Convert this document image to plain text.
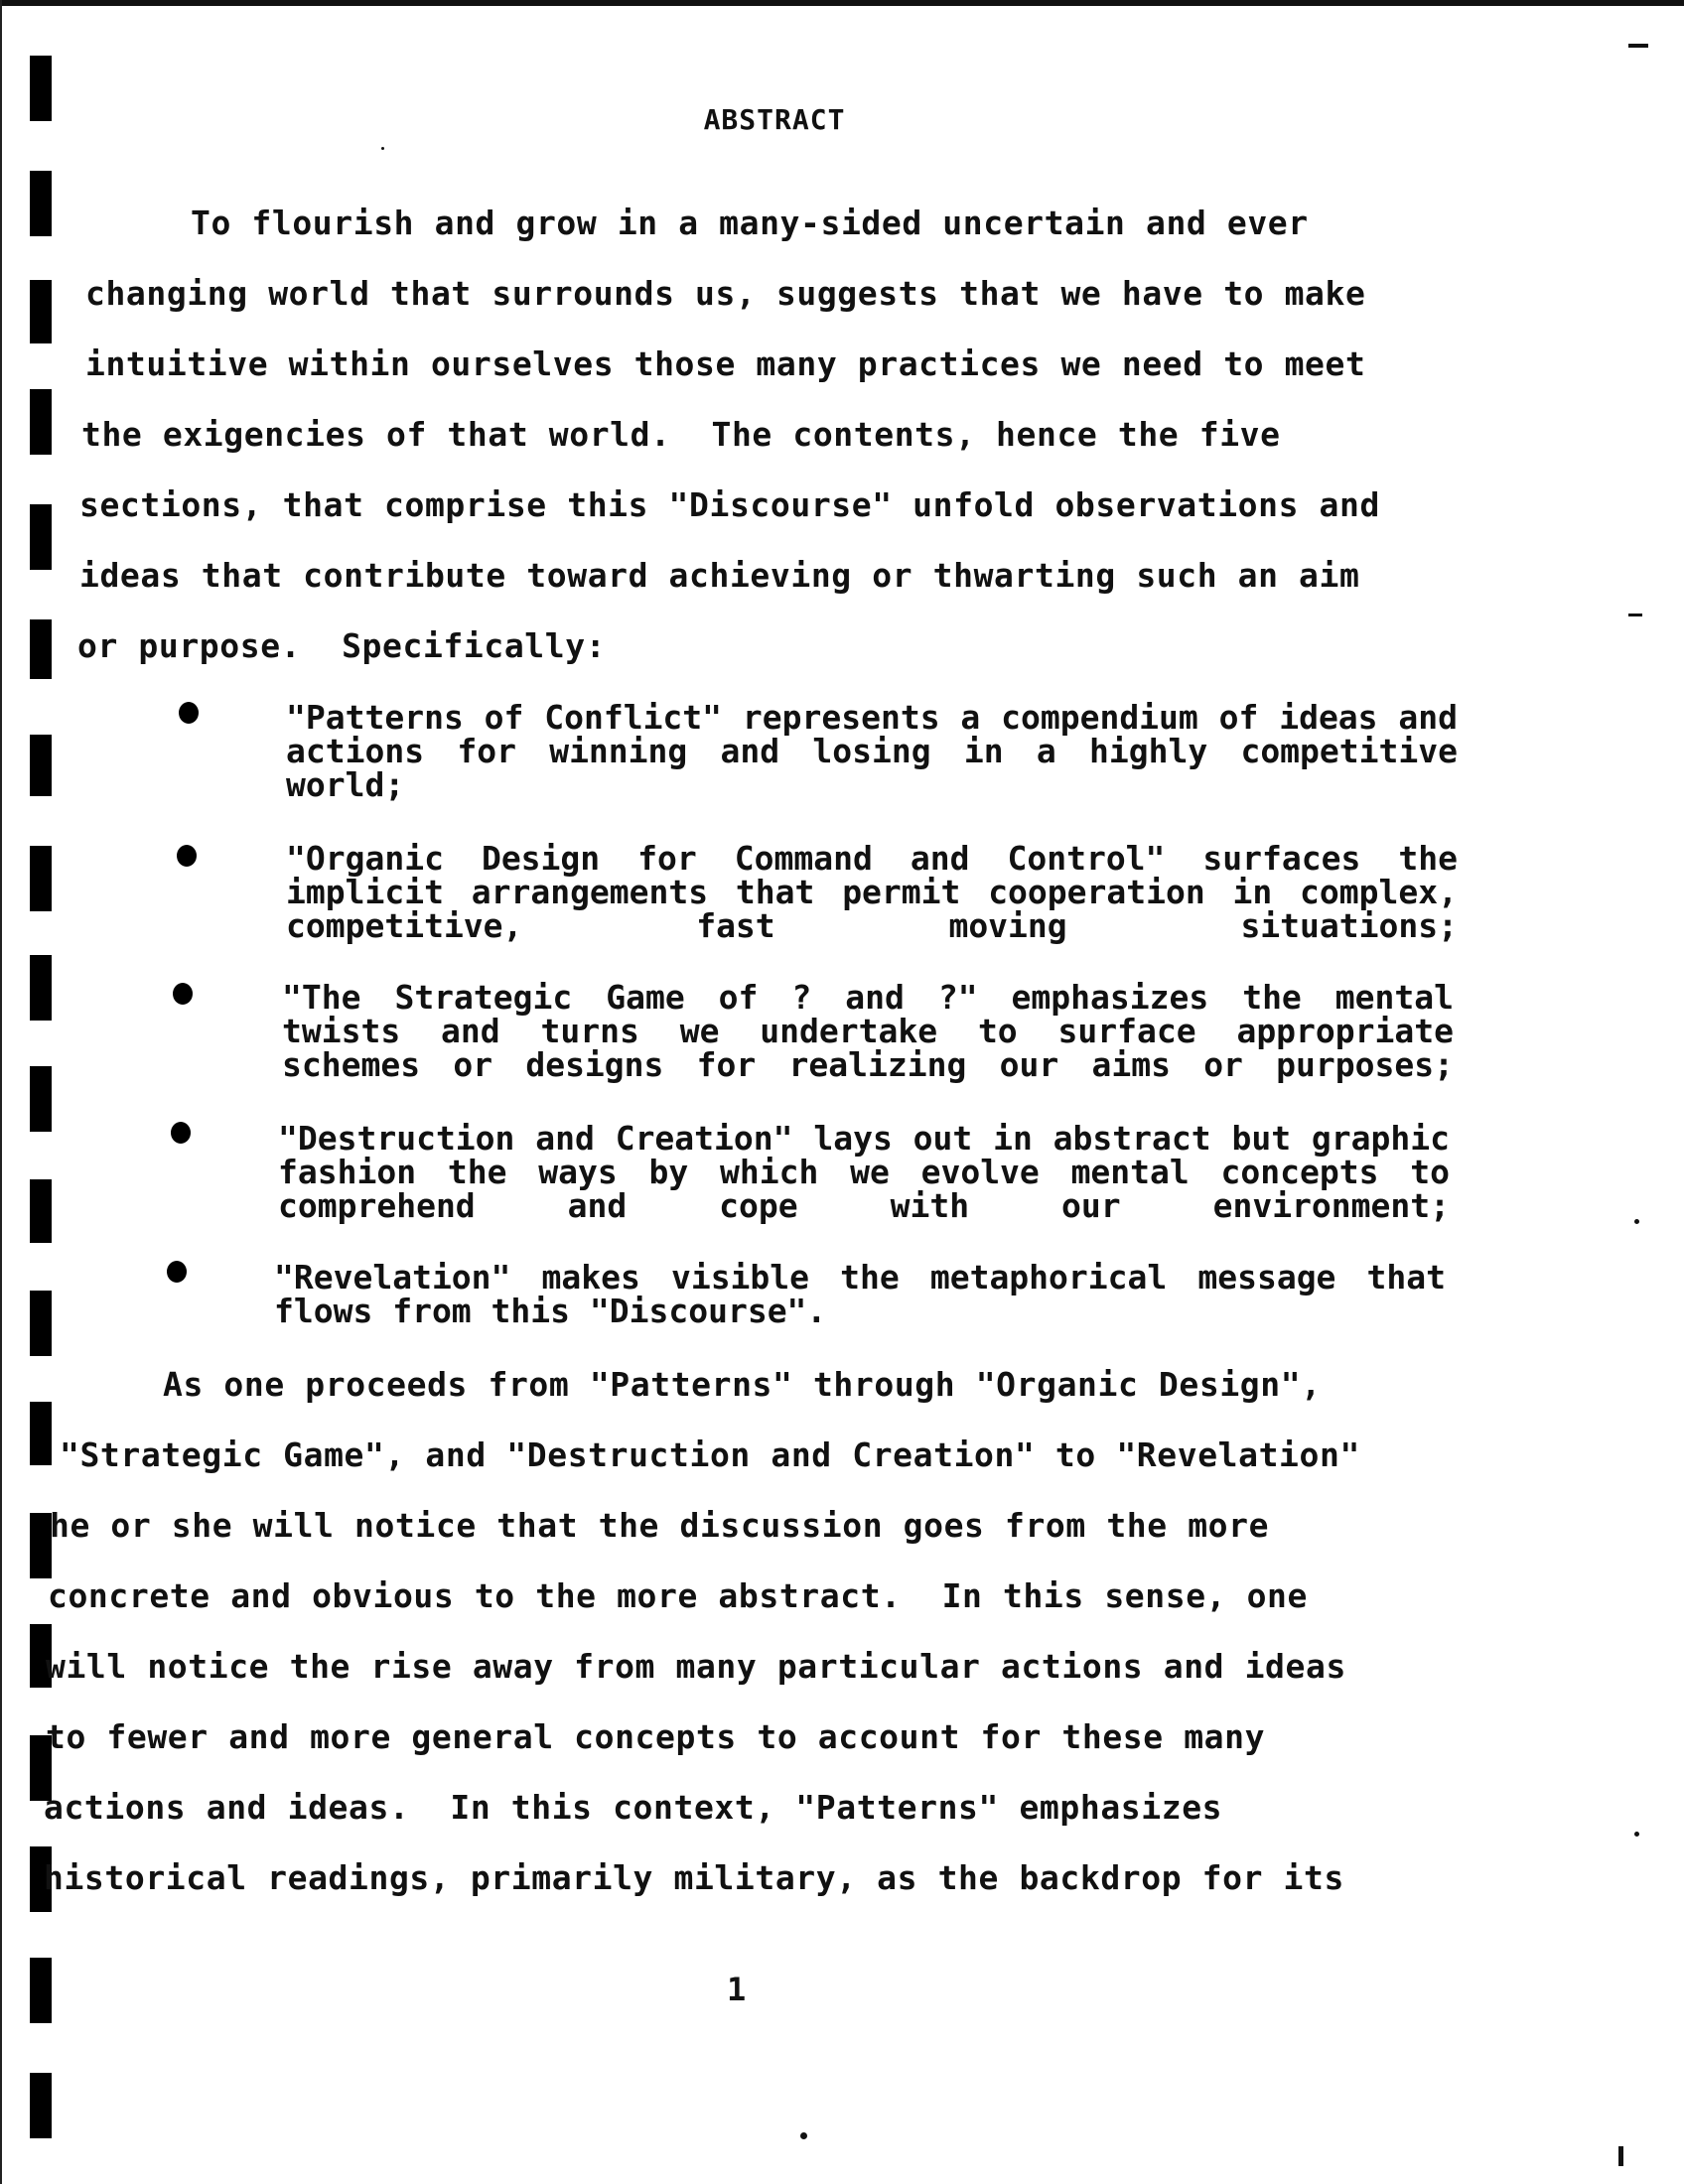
ABSTRACT
To flourish and grow in a many-sided uncertain and ever
changing world that surrounds us, suggests that we have to make
intuitive within ourselves those many practices we need to meet
the exigencies of that world.  The contents, hence the five
sections, that comprise this "Discourse" unfold observations and
ideas that contribute toward achieving or thwarting such an aim
or purpose.  Specifically:
"Patterns of Conflict" represents a compendium of ideas and actions for winning and losing in a highly competitive world;
"Organic Design for Command and Control" surfaces the implicit arrangements that permit cooperation in complex, competitive, fast moving situations;
"The Strategic Game of ? and ?" emphasizes the mental twists and turns we undertake to surface appropriate schemes or designs for realizing our aims or purposes;
"Destruction and Creation" lays out in abstract but graphic fashion the ways by which we evolve mental concepts to comprehend and cope with our environment;
"Revelation" makes visible the metaphorical message that flows from this "Discourse".
As one proceeds from "Patterns" through "Organic Design",
"Strategic Game", and "Destruction and Creation" to "Revelation"
he or she will notice that the discussion goes from the more
concrete and obvious to the more abstract.  In this sense, one
will notice the rise away from many particular actions and ideas
to fewer and more general concepts to account for these many
actions and ideas.  In this context, "Patterns" emphasizes
historical readings, primarily military, as the backdrop for its
1
